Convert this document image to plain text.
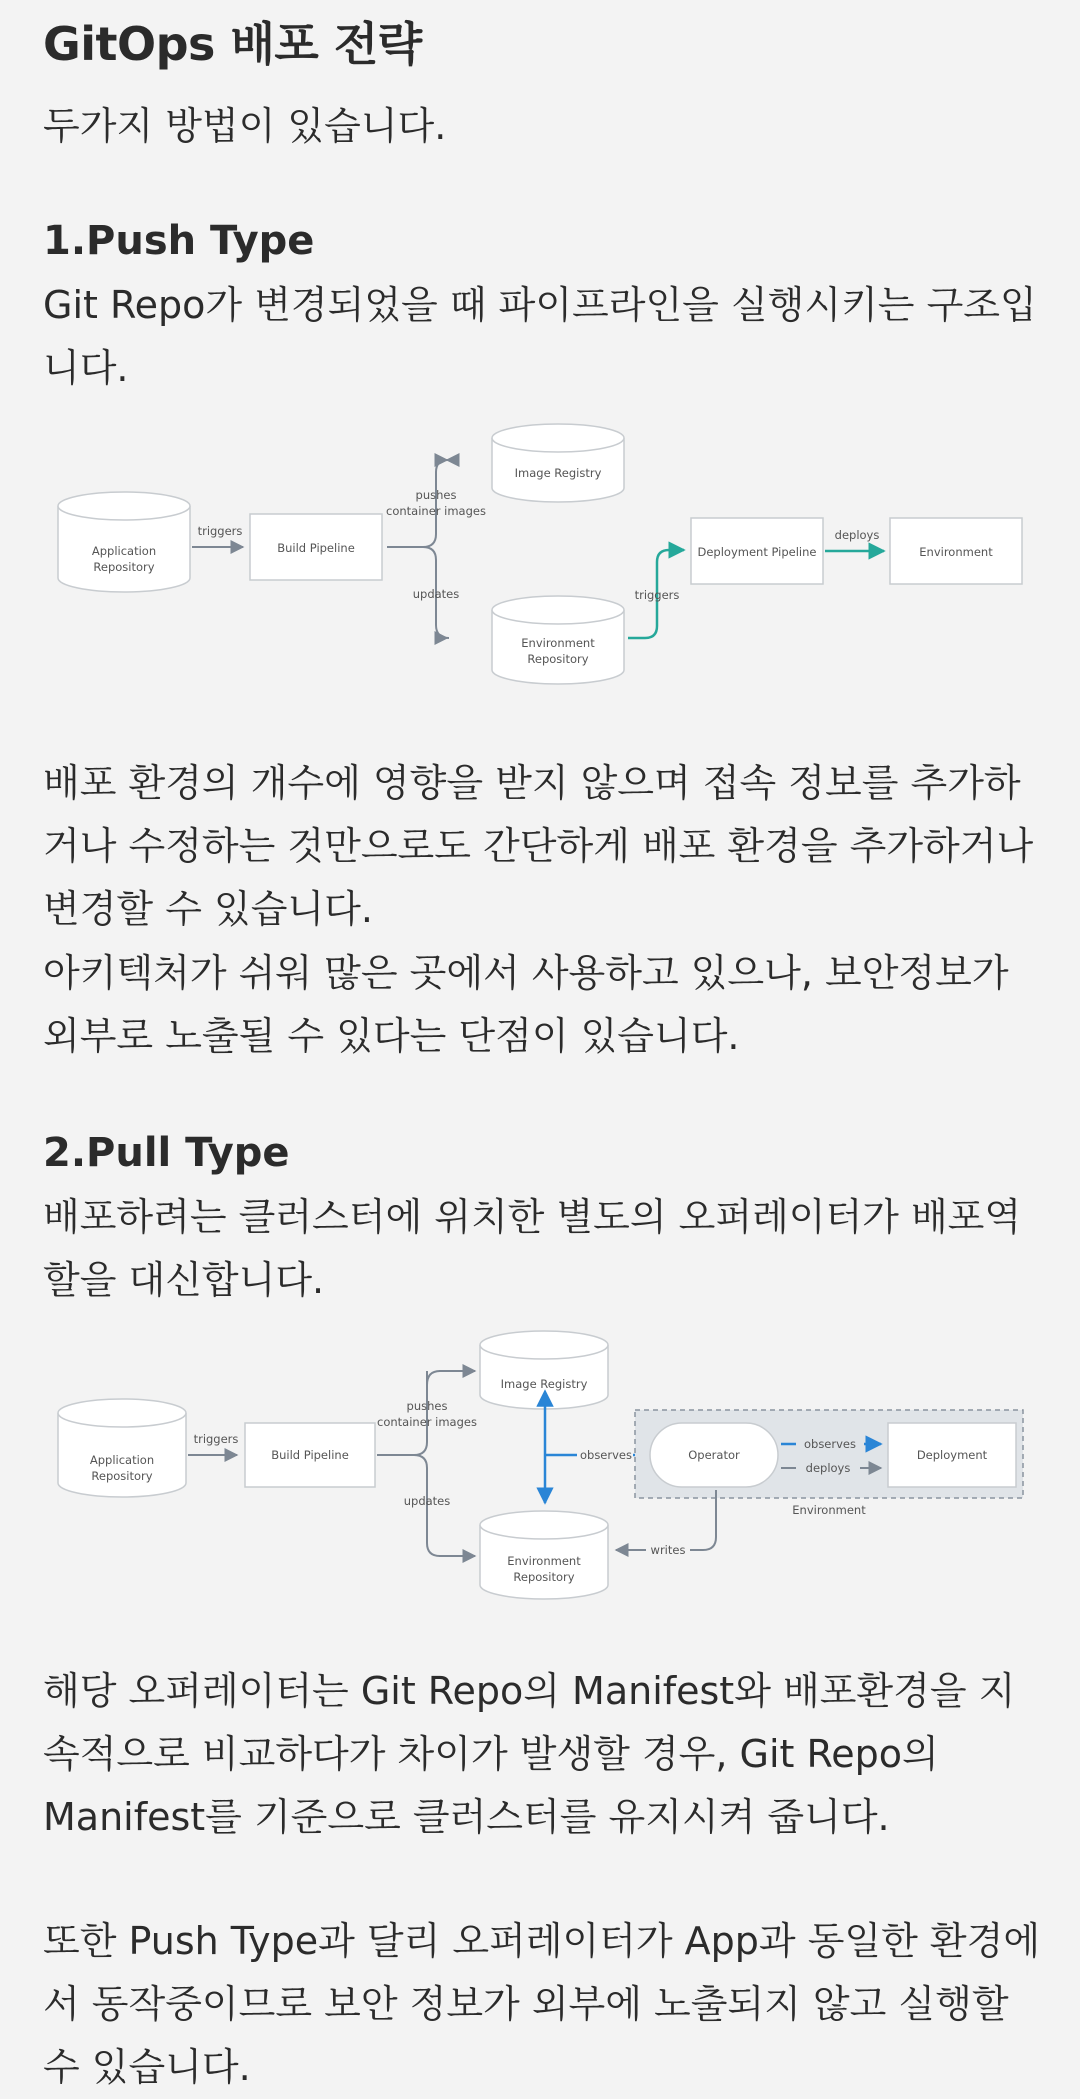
GitOps 배포 전략

두가지 방법이 있습니다.

1.Push Type

Git Repo가 변경되었을 때 파이프라인을 실행시키는 구조입니다.

Application
Repository
triggers
Build Pipeline
pushes
container images
updates
Image Registry
Environment
Repository
triggers
Deployment Pipeline
deploys
Environment

배포 환경의 개수에 영향을 받지 않으며 접속 정보를 추가하거나 수정하는 것만으로도 간단하게 배포 환경을 추가하거나 변경할 수 있습니다.

아키텍처가 쉬워 많은 곳에서 사용하고 있으나, 보안정보가 외부로 노출될 수 있다는 단점이 있습니다.

2.Pull Type

배포하려는 클러스터에 위치한 별도의 오퍼레이터가 배포역할을 대신합니다.

Application
Repository
triggers
Build Pipeline
pushes
container images
updates
Image Registry
Environment
Repository
observes
Environment
Operator
observes
deploys
Deployment
writes

해당 오퍼레이터는 Git Repo의 Manifest와 배포환경을 지속적으로 비교하다가 차이가 발생할 경우, Git Repo의 Manifest를 기준으로 클러스터를 유지시켜 줍니다.

또한 Push Type과 달리 오퍼레이터가 App과 동일한 환경에서 동작중이므로 보안 정보가 외부에 노출되지 않고 실행할 수 있습니다.
